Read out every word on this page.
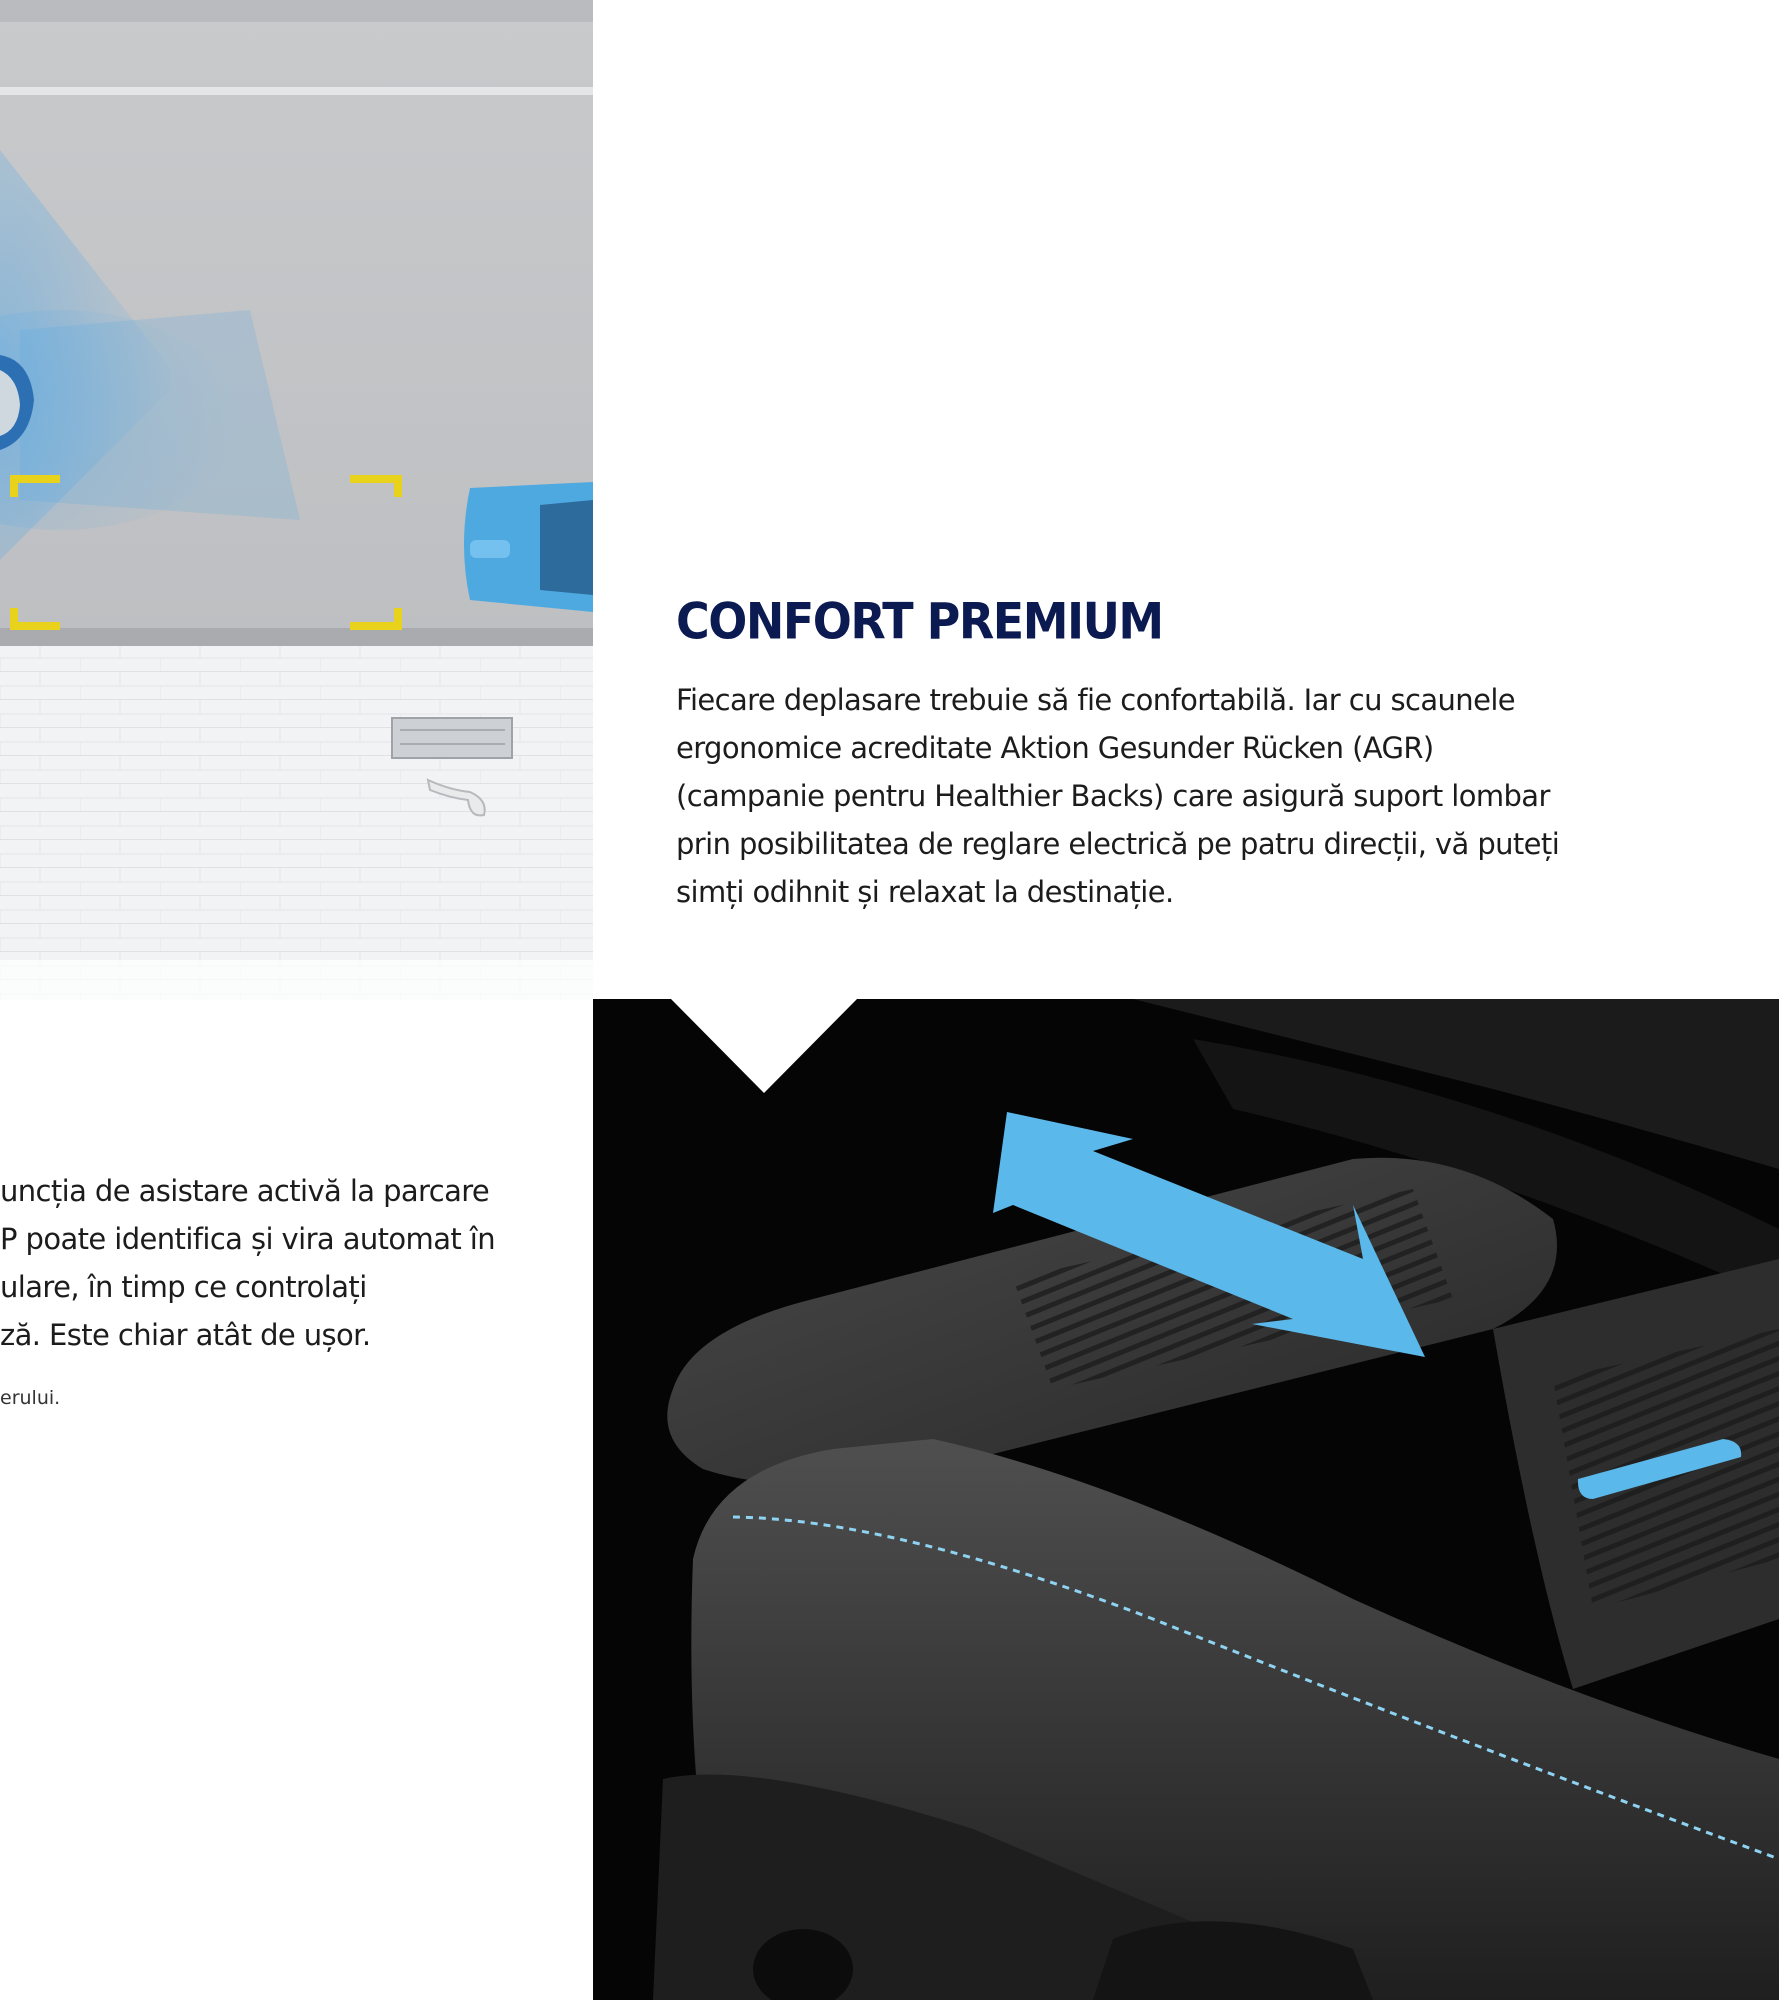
CONFORT PREMIUM
Fiecare deplasare trebuie să fie confortabilă. Iar cu scaunele
ergonomice acreditate Aktion Gesunder Rücken (AGR)
(campanie pentru Healthier Backs) care asigură suport lombar
prin posibilitatea de reglare electrică pe patru direcții, vă puteți
simți odihnit și relaxat la destinație.
uncția de asistare activă la parcare
P poate identifica și vira automat în
ulare, în timp ce controlați
ză. Este chiar atât de ușor.
erului.
